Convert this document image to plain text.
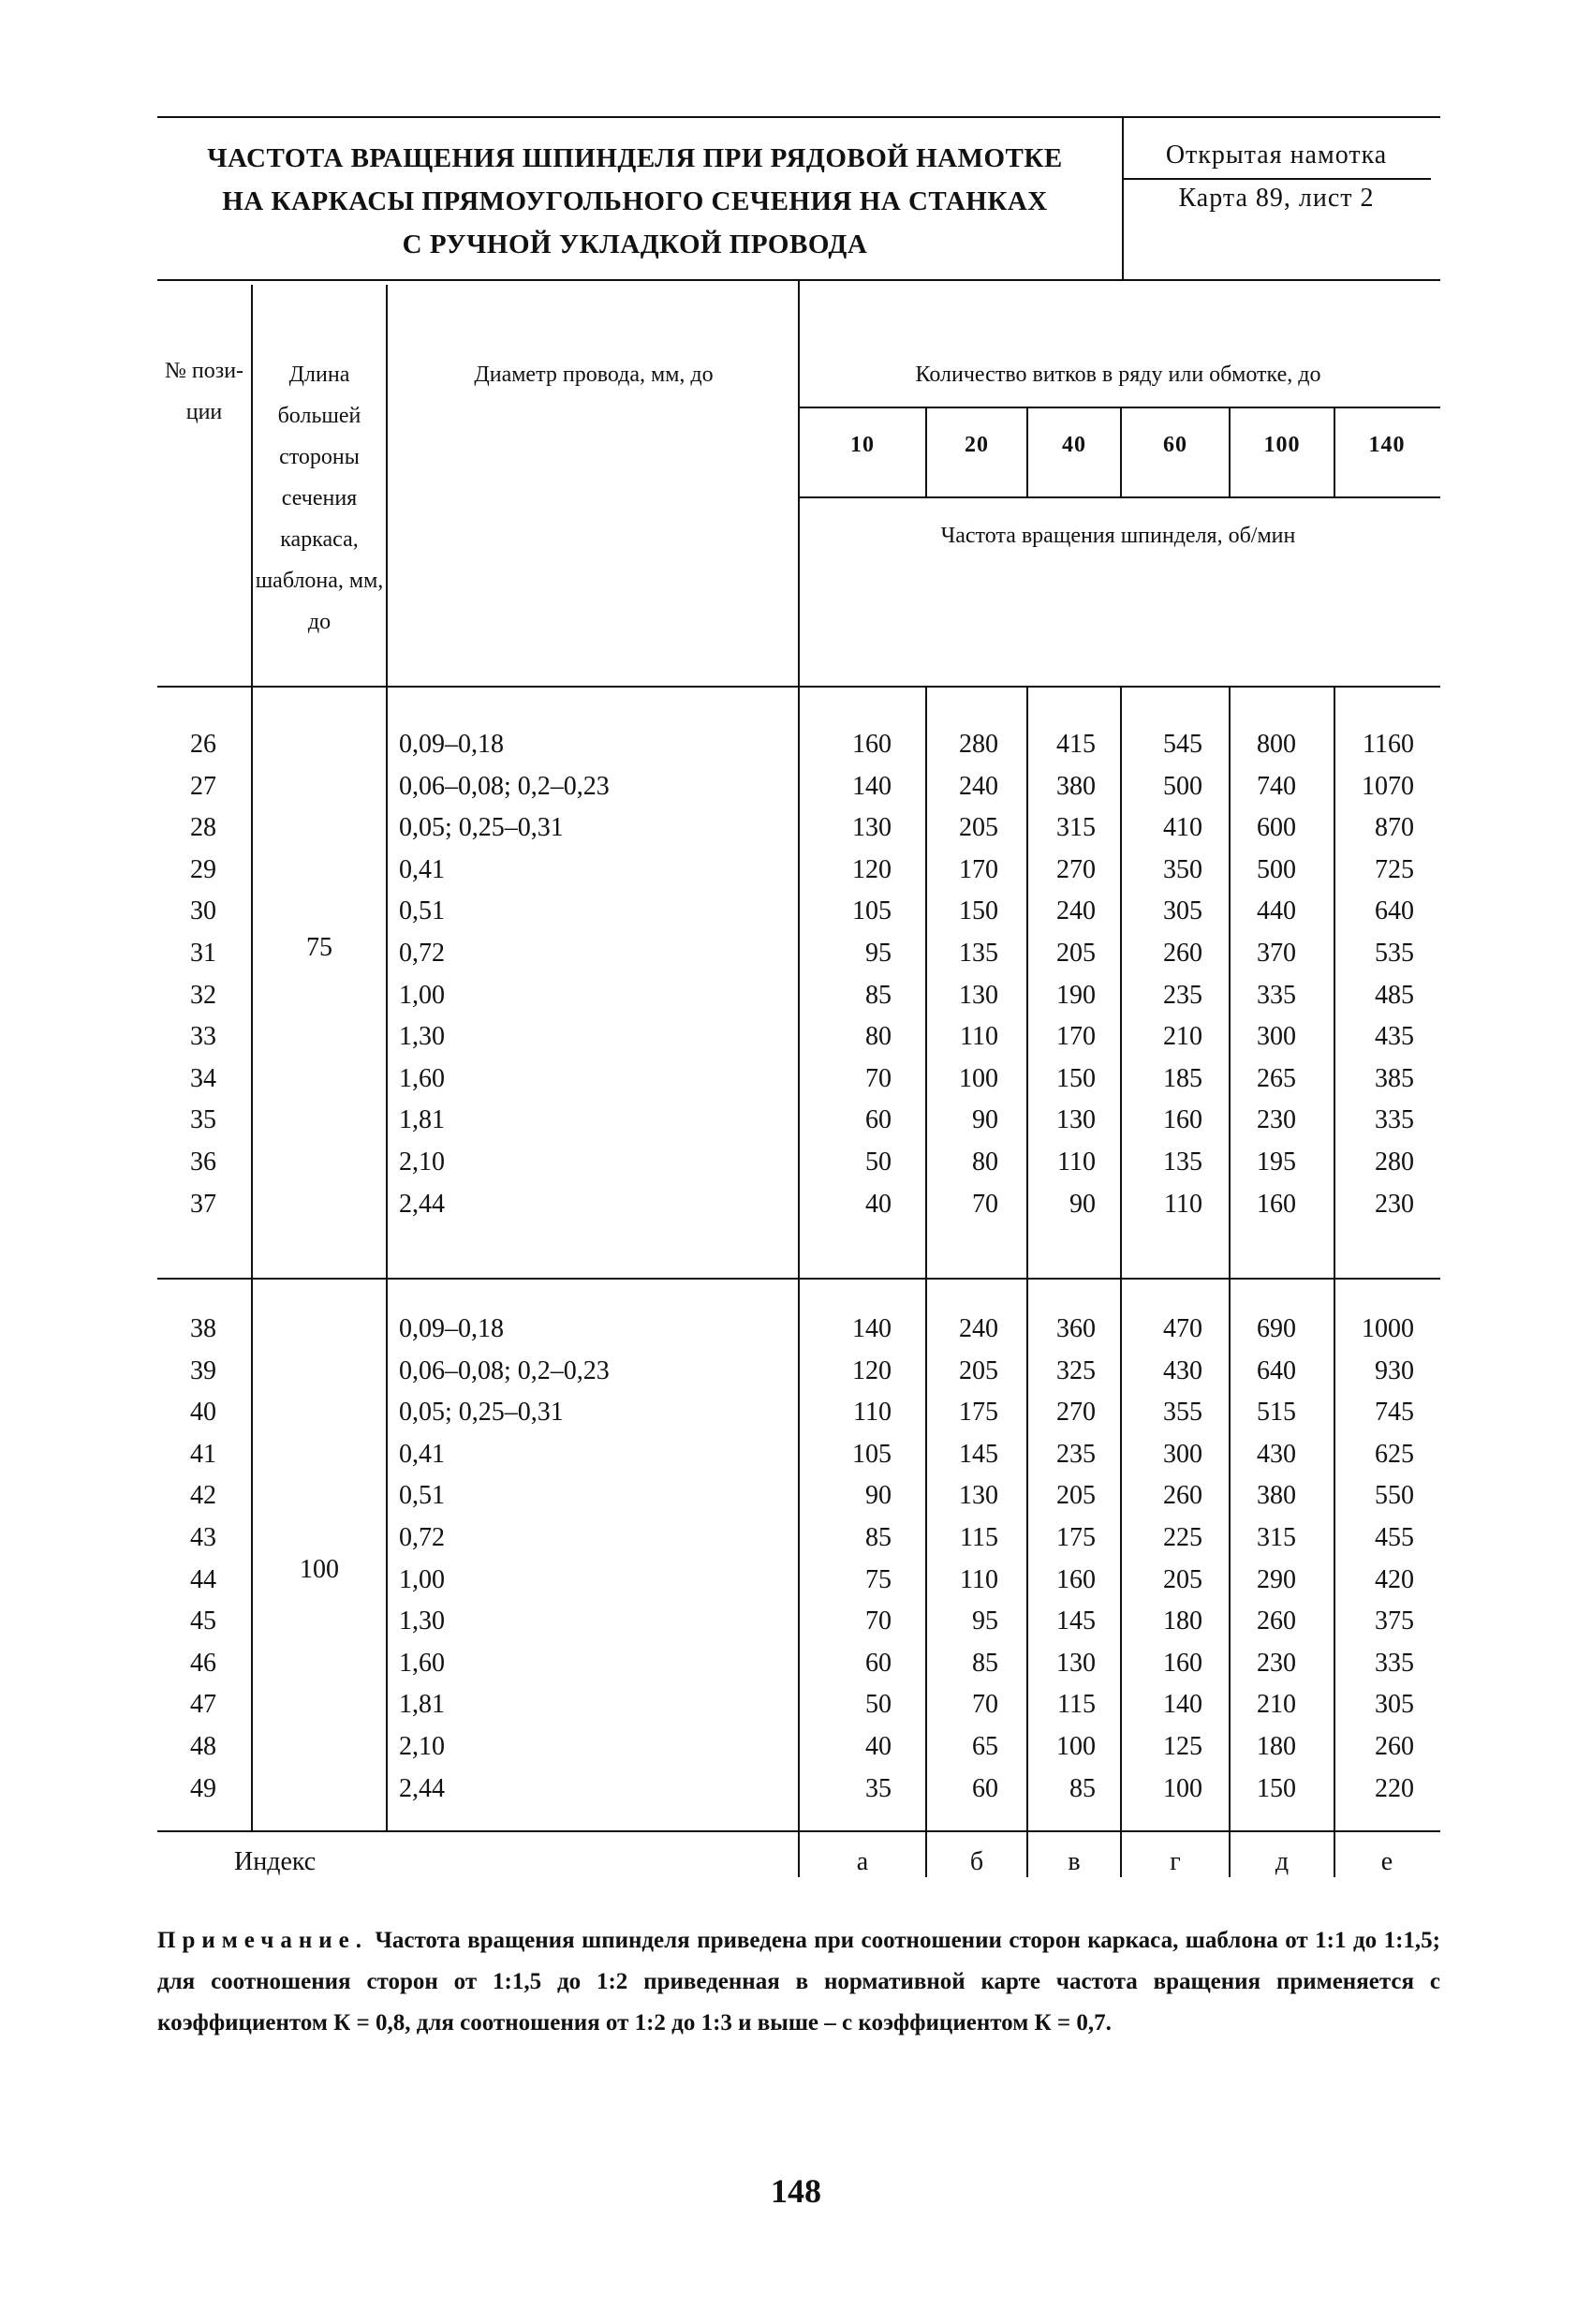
ЧАСТОТА ВРАЩЕНИЯ ШПИНДЕЛЯ ПРИ РЯДОВОЙ НАМОТКЕ
НА КАРКАСЫ ПРЯМОУГОЛЬНОГО СЕЧЕНИЯ НА СТАНКАХ
С РУЧНОЙ УКЛАДКОЙ ПРОВОДА
Открытая намотка
Карта 89, лист 2
№ пози- ции
Длина большей стороны сечения каркаса, шаблона, мм, до
Диаметр провода, мм, до	Количество витков в ряду или обмотке, до
Частота вращения шпинделя, об/мин
10	20	40	60	100	140
75
100
26	0,09–0,18	160	280	415	545	800	1160
27	0,06–0,08; 0,2–0,23	140	240	380	500	740	1070
28	0,05; 0,25–0,31	130	205	315	410	600	870
29	0,41	120	170	270	350	500	725
30	0,51	105	150	240	305	440	640
31	0,72	95	135	205	260	370	535
32	1,00	85	130	190	235	335	485
33	1,30	80	110	170	210	300	435
34	1,60	70	100	150	185	265	385
35	1,81	60	90	130	160	230	335
36	2,10	50	80	110	135	195	280
37	2,44	40	70	90	110	160	230
38	0,09–0,18	140	240	360	470	690	1000
39	0,06–0,08; 0,2–0,23	120	205	325	430	640	930
40	0,05; 0,25–0,31	110	175	270	355	515	745
41	0,41	105	145	235	300	430	625
42	0,51	90	130	205	260	380	550
43	0,72	85	115	175	225	315	455
44	1,00	75	110	160	205	290	420
45	1,30	70	95	145	180	260	375
46	1,60	60	85	130	160	230	335
47	1,81	50	70	115	140	210	305
48	2,10	40	65	100	125	180	260
49	2,44	35	60	85	100	150	220
Индекс	а	б	в	г	д	е
Примечание. Частота вращения шпинделя приведена при соотношении сторон каркаса, шаблона от 1:1 до 1:1,5; для соотношения сторон от 1:1,5 до 1:2 приведенная в нормативной карте частота вращения применяется с коэффициентом К = 0,8, для соотношения от 1:2 до 1:3 и выше – с коэффициентом К = 0,7.
148
